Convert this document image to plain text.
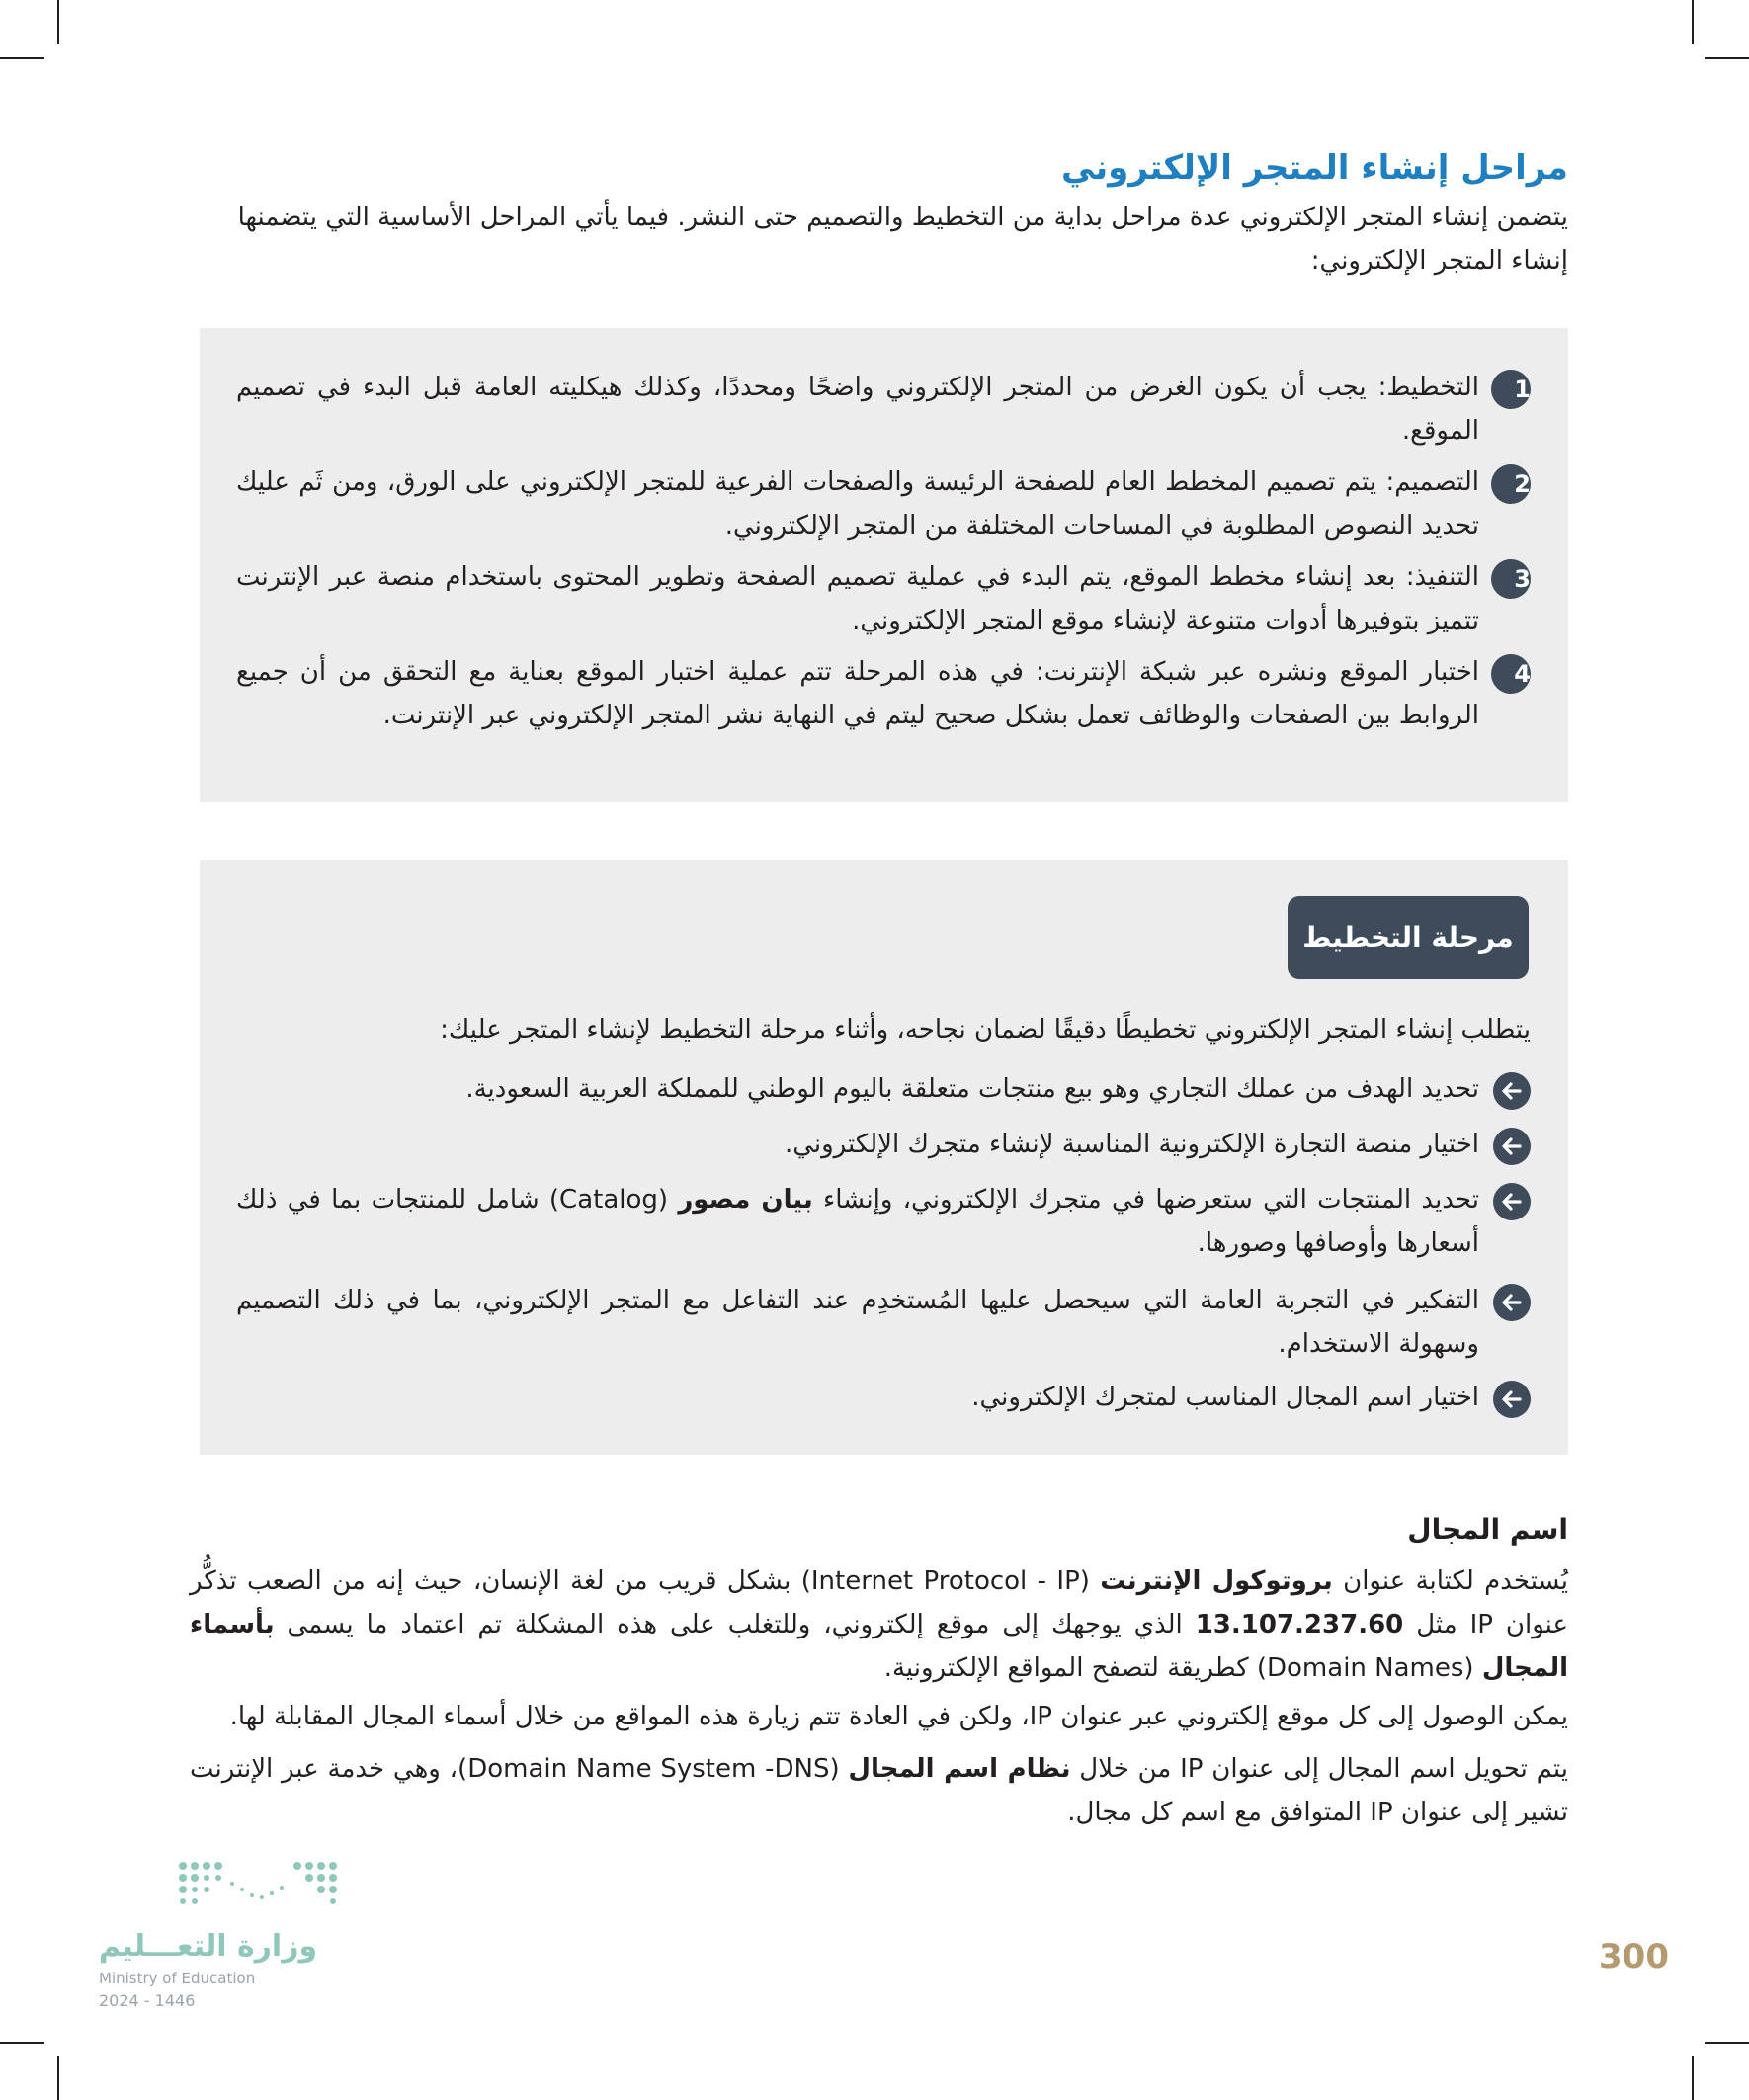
مراحل إنشاء المتجر الإلكتروني

يتضمن إنشاء المتجر الإلكتروني عدة مراحل بداية من التخطيط والتصميم حتى النشر. فيما يأتي المراحل الأساسية التي يتضمنها إنشاء المتجر الإلكتروني:

1
التخطيط: يجب أن يكون الغرض من المتجر الإلكتروني واضحًا ومحددًا، وكذلك هيكليته العامة قبل البدء في تصميم الموقع.
2
التصميم: يتم تصميم المخطط العام للصفحة الرئيسة والصفحات الفرعية للمتجر الإلكتروني على الورق، ومن ثَم عليك تحديد النصوص المطلوبة في المساحات المختلفة من المتجر الإلكتروني.
3
التنفيذ: بعد إنشاء مخطط الموقع، يتم البدء في عملية تصميم الصفحة وتطوير المحتوى باستخدام منصة عبر الإنترنت تتميز بتوفيرها أدوات متنوعة لإنشاء موقع المتجر الإلكتروني.
4
اختبار الموقع ونشره عبر شبكة الإنترنت: في هذه المرحلة تتم عملية اختبار الموقع بعناية مع التحقق من أن جميع الروابط بين الصفحات والوظائف تعمل بشكل صحيح ليتم في النهاية نشر المتجر الإلكتروني عبر الإنترنت.
مرحلة التخطيط

يتطلب إنشاء المتجر الإلكتروني تخطيطًا دقيقًا لضمان نجاحه، وأثناء مرحلة التخطيط لإنشاء المتجر عليك:

تحديد الهدف من عملك التجاري وهو بيع منتجات متعلقة باليوم الوطني للمملكة العربية السعودية.
اختيار منصة التجارة الإلكترونية المناسبة لإنشاء متجرك الإلكتروني.
تحديد المنتجات التي ستعرضها في متجرك الإلكتروني، وإنشاء بيان مصور (Catalog) شامل للمنتجات بما في ذلك أسعارها وأوصافها وصورها.
التفكير في التجربة العامة التي سيحصل عليها المُستخدِم عند التفاعل مع المتجر الإلكتروني، بما في ذلك التصميم وسهولة الاستخدام.
اختيار اسم المجال المناسب لمتجرك الإلكتروني.
اسم المجال

يُستخدم لكتابة عنوان بروتوكول الإنترنت (Internet Protocol - IP) بشكل قريب من لغة الإنسان، حيث إنه من الصعب تذكُّر عنوان IP مثل 13.107.237.60 الذي يوجهك إلى موقع إلكتروني، وللتغلب على هذه المشكلة تم اعتماد ما يسمى بأسماء المجال (Domain Names) كطريقة لتصفح المواقع الإلكترونية.

يمكن الوصول إلى كل موقع إلكتروني عبر عنوان IP، ولكن في العادة تتم زيارة هذه المواقع من خلال أسماء المجال المقابلة لها.

يتم تحويل اسم المجال إلى عنوان IP من خلال نظام اسم المجال (Domain Name System -DNS)، وهي خدمة عبر الإنترنت تشير إلى عنوان IP المتوافق مع اسم كل مجال.

وزارة التعـــليم
Ministry of Education
2024 - 1446
300
